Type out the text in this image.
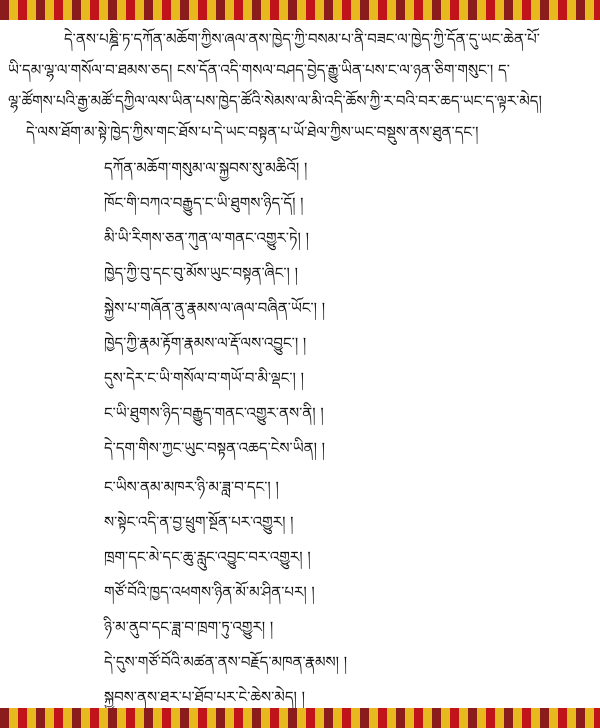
དེ་ནས་པཎྜི་ཏ་དཀོན་མཆོག་ཀྱིས་ཞལ་ནས་ཁྱེད་ཀྱི་བསམ་པ་ནི་བཟང་ལ་ཁྱེད་ཀྱི་དོན་དུ་ཡང་ཆེན་པོ་

ཡི་དམ་ལྷ་ལ་གསོལ་བ་ཐམས་ཅད། ངས་དོན་འདི་གསལ་བཤད་བྱེད་རྒྱུ་ཡིན་པས་ང་ལ་ཉན་ཅིག་གསུང་། ད་

ལྷ་ཚོགས་པའི་རྒྱ་མཚོ་དཀྱིལ་ལས་ཡིན་པས་ཁྱེད་ཚོའི་སེམས་ལ་མི་འདི་ཆོས་ཀྱི་ར་བའི་བར་ཆད་ཡང་ད་ལྟར་མེད།

དེ་ལས་ཐོག་མ་སྟེ་ཁྱེད་ཀྱིས་གང་ཐོས་པ་དེ་ཡང་བསྟན་པ་ཡོ་ཐེལ་ཀྱིས་ཡང་བསྡུས་ནས་ཐུན་དང་།

དཀོན་མཆོག་གསུམ་ལ་སྐྱབས་སུ་མཆིའོ། །
ཁོང་གི་བཀའ་བརྒྱུད་ང་ཡི་ཐུགས་ཉིད་དོ། །
མི་ཡི་རིགས་ཅན་ཀུན་ལ་གནང་འགྱུར་ཏེ། །
ཁྱེད་ཀྱི་བུ་དང་བུ་མོས་ཡུང་བསྟན་ཞིང་། །
སྐྱེས་པ་གཞོན་ནུ་རྣམས་ལ་ཞལ་བཞིན་ཡོང་། །
ཁྱེད་ཀྱི་རྣམ་རྟོག་རྣམས་ལ་རྡོ་ལས་འབྱུང་། །
དུས་དེར་ང་ཡི་གསོལ་བ་གཡོ་བ་མི་ལྡང་། །
ང་ཡི་ཐུགས་ཉིད་བརྒྱུད་གནང་འགྱུར་ནས་ནི། །
དེ་དག་གིས་ཀྱང་ཡུང་བསྟན་འཆད་ངེས་ཡིན། །
ང་ཡིས་ནམ་མཁར་ཉི་མ་ཟླ་བ་དང་། །
ས་སྟེང་འདི་ན་བྱ་ཕྲུག་སྔོན་པར་འགྱུར། །
ཁྲག་དང་མེ་དང་ཆུ་རླུང་འབྱུང་བར་འགྱུར། །
གཙོ་བོའི་ཁྱད་འཕགས་ཉིན་མོ་མ་ཤིན་པར། །
ཉི་མ་ནུབ་དང་ཟླ་བ་ཁྲག་ཏུ་འགྱུར། །
དེ་དུས་གཙོ་བོའི་མཚན་ནས་བརྗོད་མཁན་རྣམས། །
སྐྱབས་ནས་ཐར་པ་ཐོབ་པར་ངེ་ཆེས་མེད། །
